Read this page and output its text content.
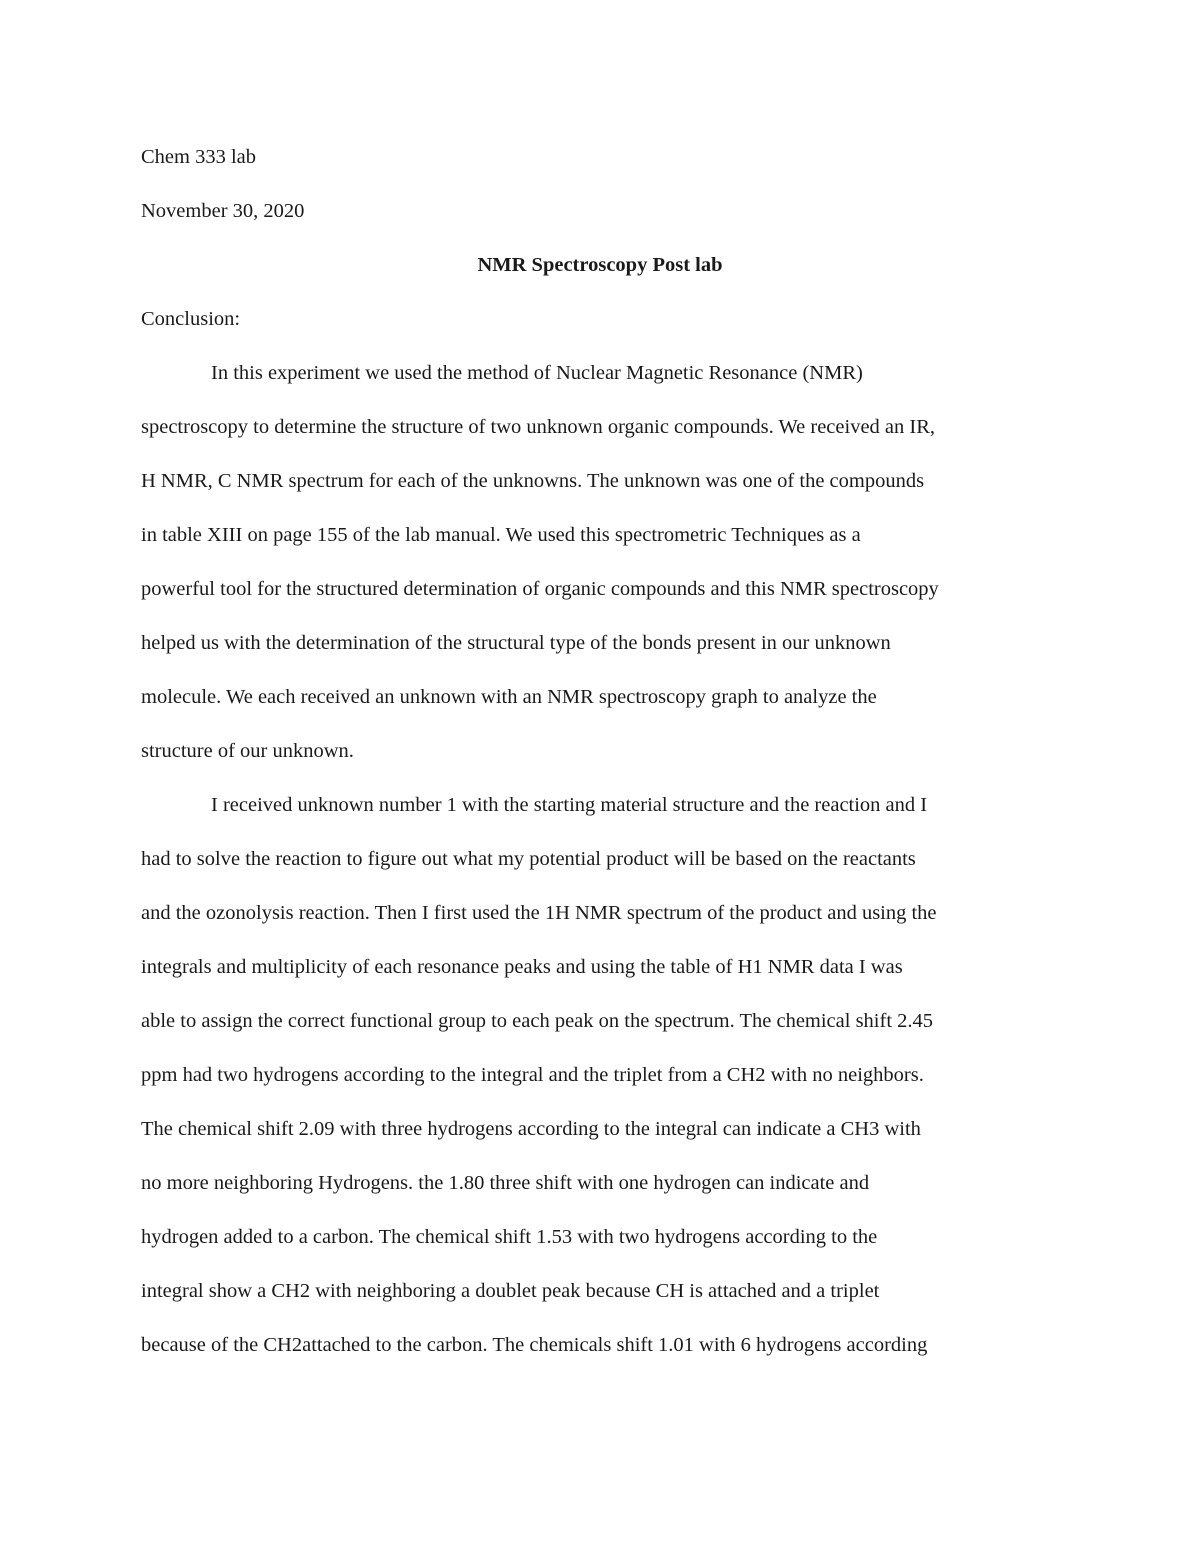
Chem 333 lab
November 30, 2020
NMR Spectroscopy Post lab
Conclusion:
In this experiment we used the method of Nuclear Magnetic Resonance (NMR)
spectroscopy to determine the structure of two unknown organic compounds. We received an IR,
H NMR, C NMR spectrum for each of the unknowns. The unknown was one of the compounds
in table XIII on page 155 of the lab manual. We used this spectrometric Techniques as a
powerful tool for the structured determination of organic compounds and this NMR spectroscopy
helped us with the determination of the structural type of the bonds present in our unknown
molecule. We each received an unknown with an NMR spectroscopy graph to analyze the
structure of our unknown.
I received unknown number 1 with the starting material structure and the reaction and I
had to solve the reaction to figure out what my potential product will be based on the reactants
and the ozonolysis reaction. Then I first used the 1H NMR spectrum of the product and using the
integrals and multiplicity of each resonance peaks and using the table of H1 NMR data I was
able to assign the correct functional group to each peak on the spectrum. The chemical shift 2.45
ppm had two hydrogens according to the integral and the triplet from a CH2 with no neighbors.
The chemical shift 2.09 with three hydrogens according to the integral can indicate a CH3 with
no more neighboring Hydrogens. the 1.80 three shift with one hydrogen can indicate and
hydrogen added to a carbon. The chemical shift 1.53 with two hydrogens according to the
integral show a CH2 with neighboring a doublet peak because CH is attached and a triplet
because of the CH2attached to the carbon. The chemicals shift 1.01 with 6 hydrogens according
